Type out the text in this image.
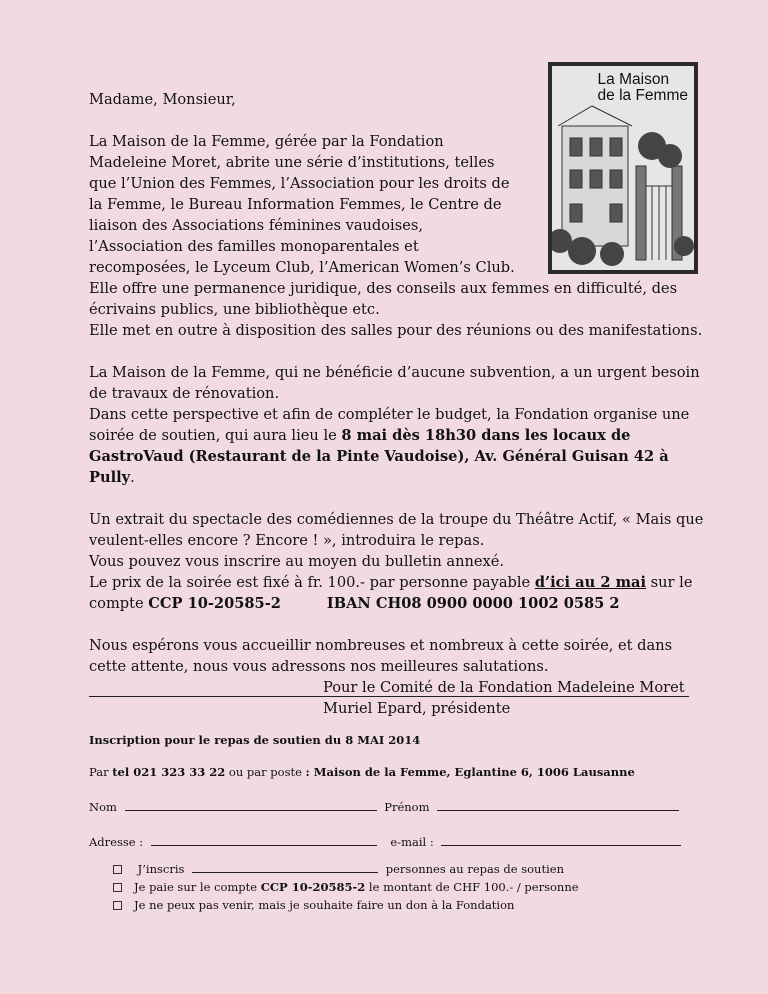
La Maison
de la Femme

Madame, Monsieur,

La Maison de la Femme, gérée par la Fondation Madeleine Moret, abrite une série d’institutions, telles que l’Union des Femmes, l’Association pour les droits de la Femme, le Bureau Information Femmes, le Centre de liaison des Associations féminines vaudoises, l’Association des familles monoparentales et recomposées, le Lyceum Club, l’American Women’s Club.

Elle offre une permanence juridique, des conseils aux femmes en difficulté, des écrivains publics, une bibliothèque etc.

Elle met en outre à disposition des salles pour des réunions ou des manifestations.

La Maison de la Femme, qui ne bénéficie d’aucune subvention, a un urgent besoin de travaux de rénovation.

Dans cette perspective et afin de compléter le budget, la Fondation organise une soirée de soutien, qui aura lieu le 8 mai dès 18h30 dans les locaux de GastroVaud (Restaurant de la Pinte Vaudoise), Av. Général Guisan 42 à Pully.

Un extrait du spectacle des comédiennes de la troupe du Théâtre Actif, « Mais que veulent-elles encore ? Encore ! », introduira le repas.

Vous pouvez vous inscrire au moyen du bulletin annexé.

Le prix de la soirée est fixé à fr. 100.- par personne payable d’ici au 2 mai sur le

compte CCP 10-20585-2	IBAN CH08 0900 0000 1002 0585 2

Nous espérons vous accueillir nombreuses et nombreux à cette soirée, et dans cette attente, nous vous adressons nos meilleures salutations.

Pour le Comité de la Fondation Madeleine Moret

Muriel Epard, présidente

Inscription pour le repas de soutien du 8 MAI 2014

Par tel 021 323 33 22 ou par poste : Maison de la Femme, Eglantine 6, 1006 Lausanne

Nom	Prénom

Adresse :	e-mail :

J’inscris	personnes au repas de soutien
Je paie sur le compte CCP 10-20585-2 le montant de CHF 100.- / personne
Je ne peux pas venir, mais je souhaite faire un don à la Fondation
